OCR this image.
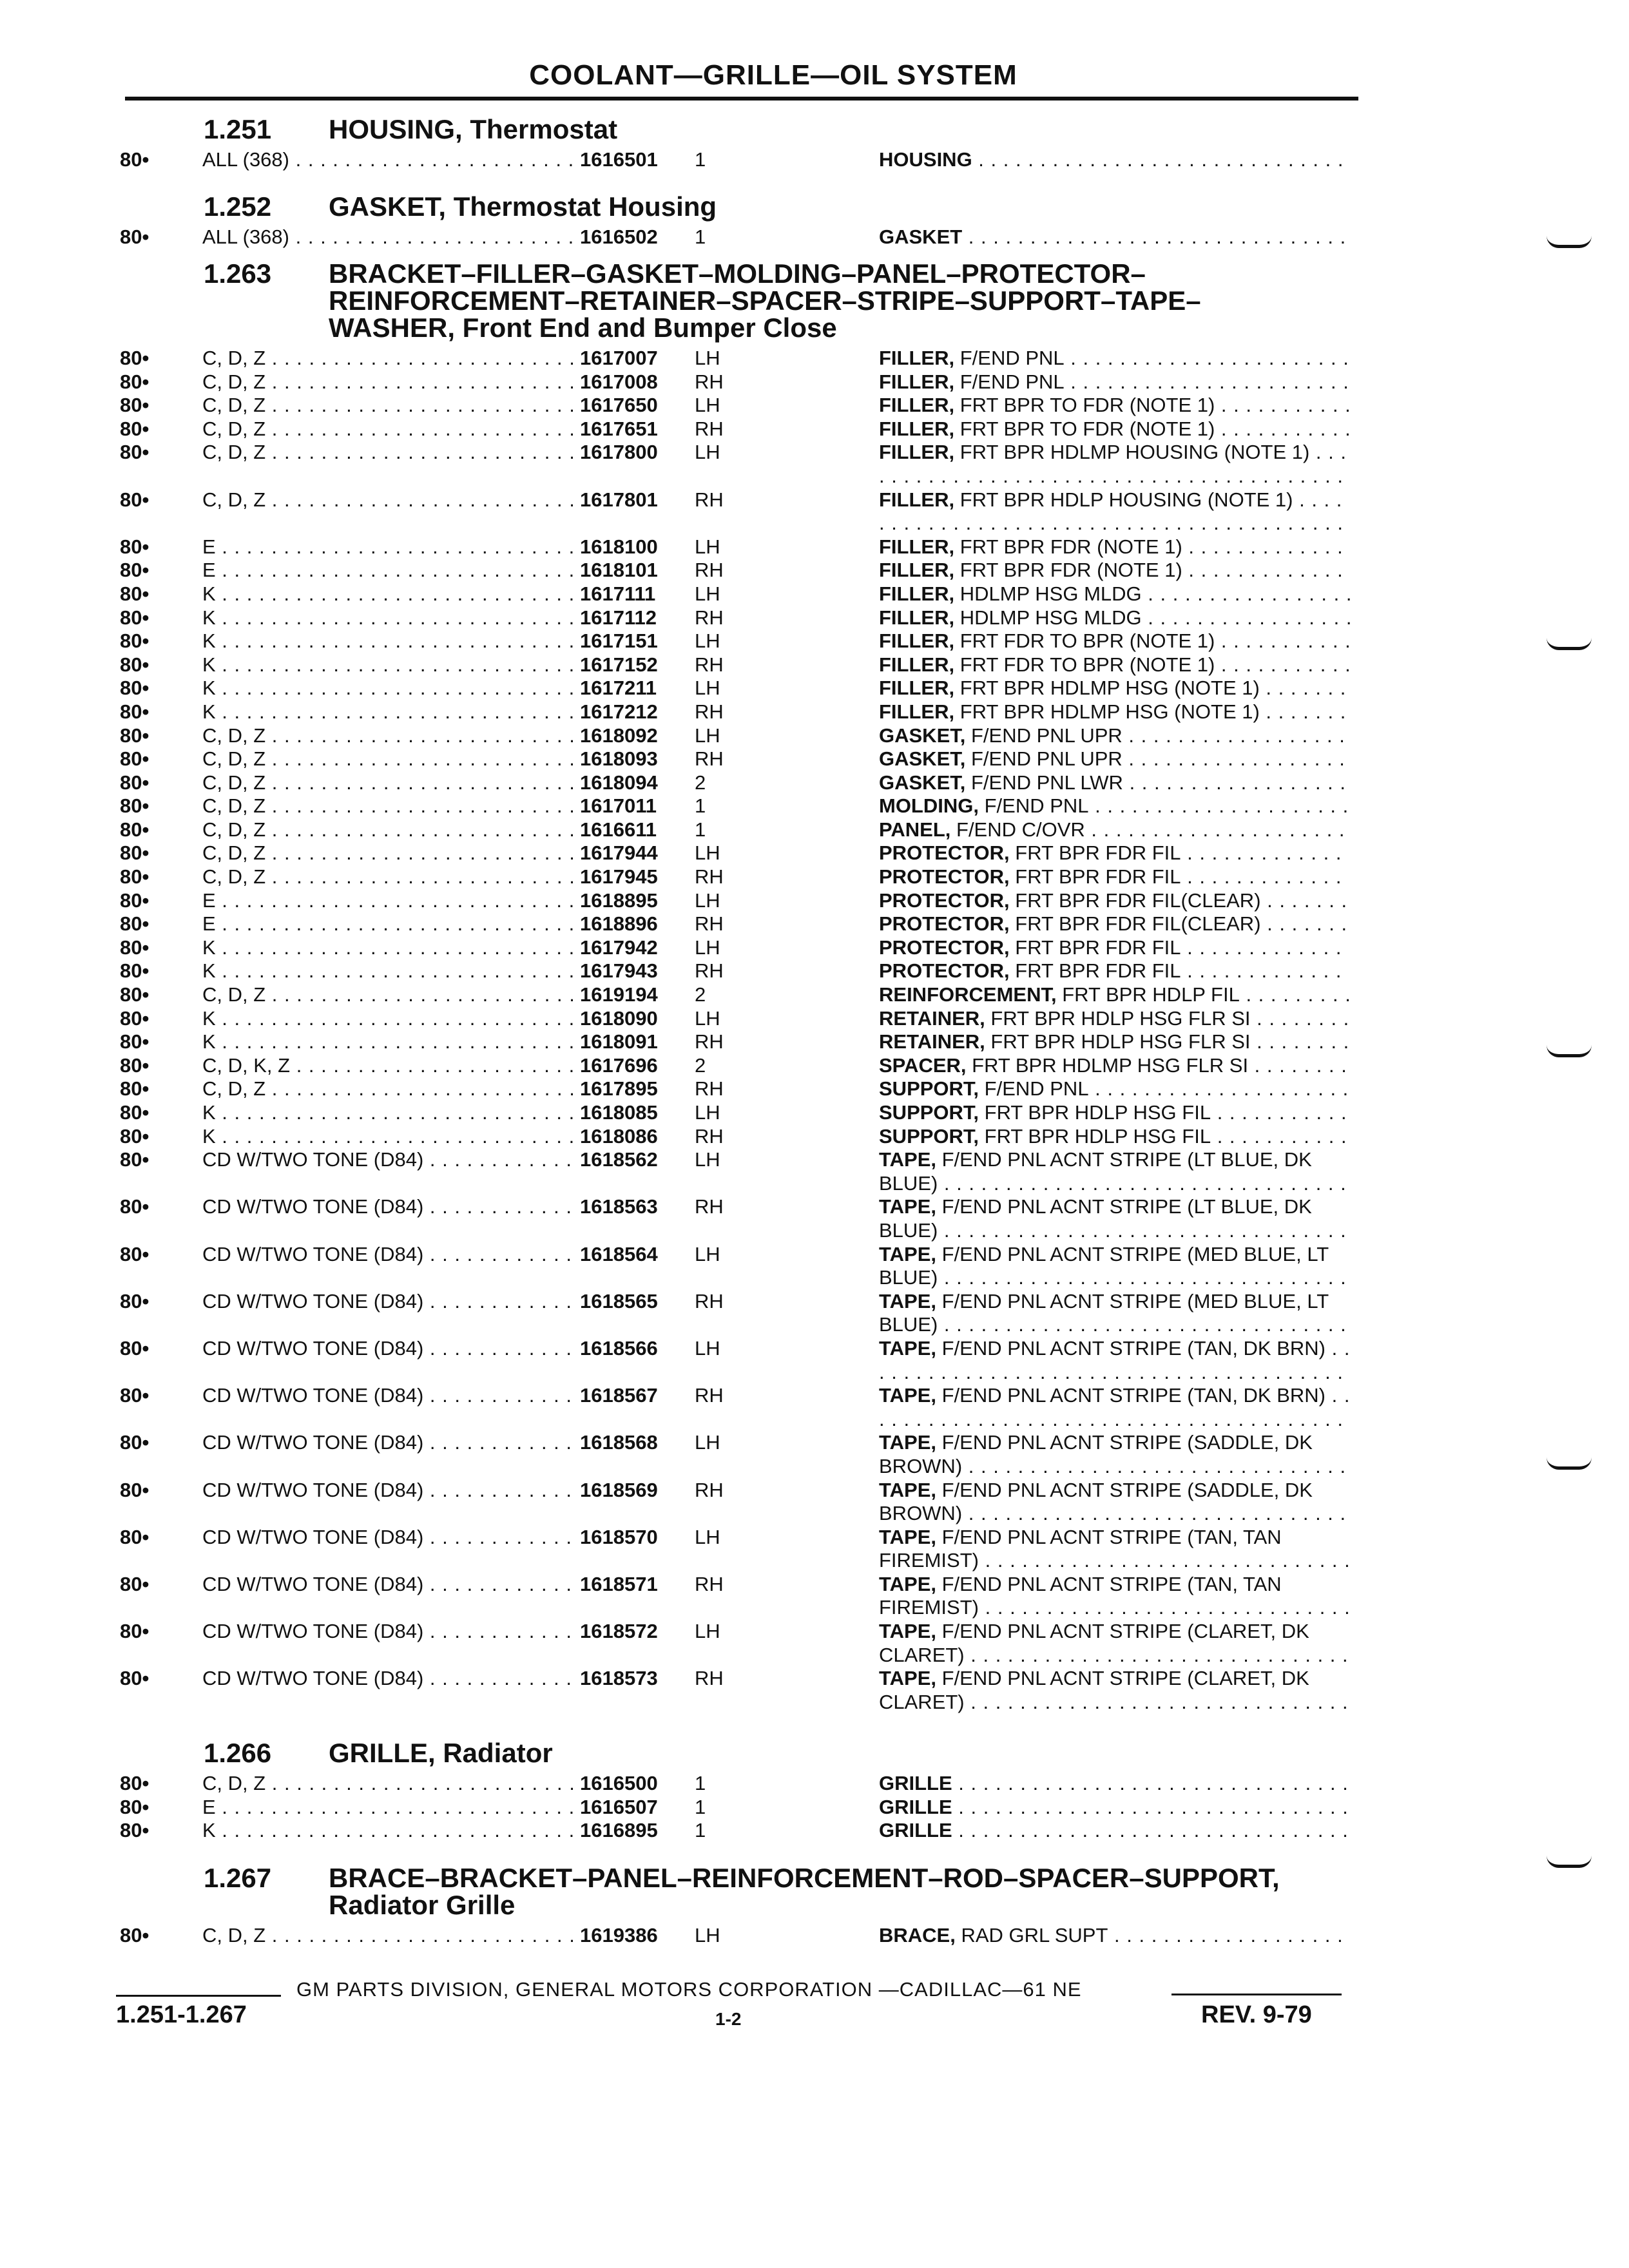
COOLANT—GRILLE—OIL SYSTEM
1.251	HOUSING, Thermostat
80•	ALL (368) . . .	1616501 1	HOUSING . . .
1.252	GASKET, Thermostat Housing
80•	ALL (368) . . .	1616502 1	GASKET . . .
1.263	BRACKET–FILLER–GASKET–MOLDING–PANEL–PROTECTOR–
REINFORCEMENT–RETAINER–SPACER–STRIPE–SUPPORT–TAPE–
WASHER, Front End and Bumper Close
80•	C, D, Z . . .	1617007 LH	FILLER, F/END PNL . . .
80•	C, D, Z . . .	1617008 RH	FILLER, F/END PNL . . .
80•	C, D, Z . . .	1617650 LH	FILLER, FRT BPR TO FDR (NOTE 1) . . .
80•	C, D, Z . . .	1617651 RH	FILLER, FRT BPR TO FDR (NOTE 1) . . .
80•	C, D, Z . . .	1617800 LH	FILLER, FRT BPR HDLMP HOUSING (NOTE 1) . . .
80•	C, D, Z . . .	1617801 RH	FILLER, FRT BPR HDLP HOUSING (NOTE 1) . . .
80•	E . . .	1618100 LH	FILLER, FRT BPR FDR (NOTE 1) . . .
80•	E . . .	1618101 RH	FILLER, FRT BPR FDR (NOTE 1) . . .
80•	K . . .	1617111 LH	FILLER, HDLMP HSG MLDG . . .
80•	K . . .	1617112 RH	FILLER, HDLMP HSG MLDG . . .
80•	K . . .	1617151 LH	FILLER, FRT FDR TO BPR (NOTE 1) . . .
80•	K . . .	1617152 RH	FILLER, FRT FDR TO BPR (NOTE 1) . . .
80•	K . . .	1617211 LH	FILLER, FRT BPR HDLMP HSG (NOTE 1) . . .
80•	K . . .	1617212 RH	FILLER, FRT BPR HDLMP HSG (NOTE 1) . . .
80•	C, D, Z . . .	1618092 LH	GASKET, F/END PNL UPR . . .
80•	C, D, Z . . .	1618093 RH	GASKET, F/END PNL UPR . . .
80•	C, D, Z . . .	1618094 2	GASKET, F/END PNL LWR . . .
80•	C, D, Z . . .	1617011 1	MOLDING, F/END PNL . . .
80•	C, D, Z . . .	1616611 1	PANEL, F/END C/OVR . . .
80•	C, D, Z . . .	1617944 LH	PROTECTOR, FRT BPR FDR FIL . . .
80•	C, D, Z . . .	1617945 RH	PROTECTOR, FRT BPR FDR FIL . . .
80•	E . . .	1618895 LH	PROTECTOR, FRT BPR FDR FIL(CLEAR) . . .
80•	E . . .	1618896 RH	PROTECTOR, FRT BPR FDR FIL(CLEAR) . . .
80•	K . . .	1617942 LH	PROTECTOR, FRT BPR FDR FIL . . .
80•	K . . .	1617943 RH	PROTECTOR, FRT BPR FDR FIL . . .
80•	C, D, Z . . .	1619194 2	REINFORCEMENT, FRT BPR HDLP FIL . . .
80•	K . . .	1618090 LH	RETAINER, FRT BPR HDLP HSG FLR SI . . .
80•	K . . .	1618091 RH	RETAINER, FRT BPR HDLP HSG FLR SI . . .
80•	C, D, K, Z . . .	1617696 2	SPACER, FRT BPR HDLMP HSG FLR SI . . .
80•	C, D, Z . . .	1617895 RH	SUPPORT, F/END PNL . . .
80•	K . . .	1618085 LH	SUPPORT, FRT BPR HDLP HSG FIL . . .
80•	K . . .	1618086 RH	SUPPORT, FRT BPR HDLP HSG FIL . . .
80•	CD W/TWO TONE (D84) . . .	1618562 LH	TAPE, F/END PNL ACNT STRIPE (LT BLUE, DK BLUE) . . .
80•	CD W/TWO TONE (D84) . . .	1618563 RH	TAPE, F/END PNL ACNT STRIPE (LT BLUE, DK BLUE) . . .
80•	CD W/TWO TONE (D84) . . .	1618564 LH	TAPE, F/END PNL ACNT STRIPE (MED BLUE, LT BLUE) . . .
80•	CD W/TWO TONE (D84) . . .	1618565 RH	TAPE, F/END PNL ACNT STRIPE (MED BLUE, LT BLUE) . . .
80•	CD W/TWO TONE (D84) . . .	1618566 LH	TAPE, F/END PNL ACNT STRIPE (TAN, DK BRN) . . .
80•	CD W/TWO TONE (D84) . . .	1618567 RH	TAPE, F/END PNL ACNT STRIPE (TAN, DK BRN) . . .
80•	CD W/TWO TONE (D84) . . .	1618568 LH	TAPE, F/END PNL ACNT STRIPE (SADDLE, DK BROWN) . . .
80•	CD W/TWO TONE (D84) . . .	1618569 RH	TAPE, F/END PNL ACNT STRIPE (SADDLE, DK BROWN) . . .
80•	CD W/TWO TONE (D84) . . .	1618570 LH	TAPE, F/END PNL ACNT STRIPE (TAN, TAN FIREMIST) . . .
80•	CD W/TWO TONE (D84) . . .	1618571 RH	TAPE, F/END PNL ACNT STRIPE (TAN, TAN FIREMIST) . . .
80•	CD W/TWO TONE (D84) . . .	1618572 LH	TAPE, F/END PNL ACNT STRIPE (CLARET, DK CLARET) . . .
80•	CD W/TWO TONE (D84) . . .	1618573 RH	TAPE, F/END PNL ACNT STRIPE (CLARET, DK CLARET) . . .
1.266	GRILLE, Radiator
80•	C, D, Z . . .	1616500 1	GRILLE . . .
80•	E . . .	1616507 1	GRILLE . . .
80•	K . . .	1616895 1	GRILLE . . .
1.267	BRACE–BRACKET–PANEL–REINFORCEMENT–ROD–SPACER–SUPPORT,
Radiator Grille
80•	C, D, Z . . .	1619386 LH	BRACE, RAD GRL SUPT . . .
GM PARTS DIVISION, GENERAL MOTORS CORPORATION —CADILLAC—61 NE
1.251-1.267	1-2	REV. 9-79
